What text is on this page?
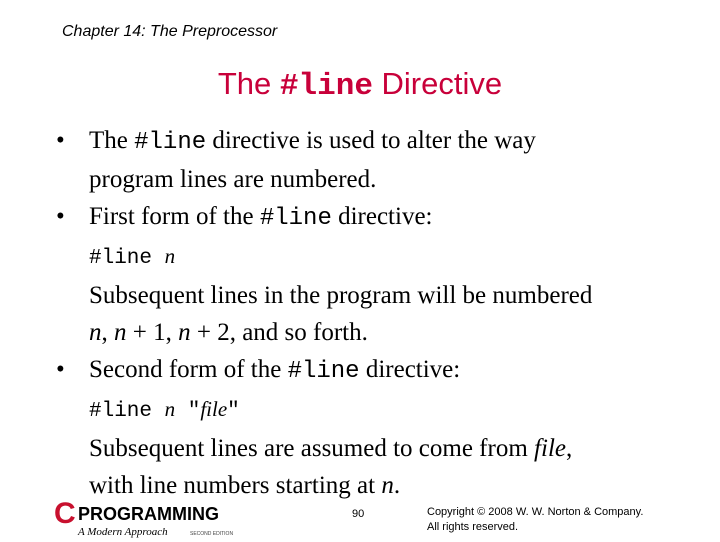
Chapter 14: The Preprocessor
The #line Directive
• The #line directive is used to alter the way
program lines are numbered.
• First form of the #line directive:
#line n
Subsequent lines in the program will be numbered
n, n + 1, n + 2, and so forth.
• Second form of the #line directive:
#line n "file"
Subsequent lines are assumed to come from file,
with line numbers starting at n.
C PROGRAMMING
A Modern Approach	SECOND EDITION
90	Copyright © 2008 W. W. Norton & Company.
All rights reserved.
